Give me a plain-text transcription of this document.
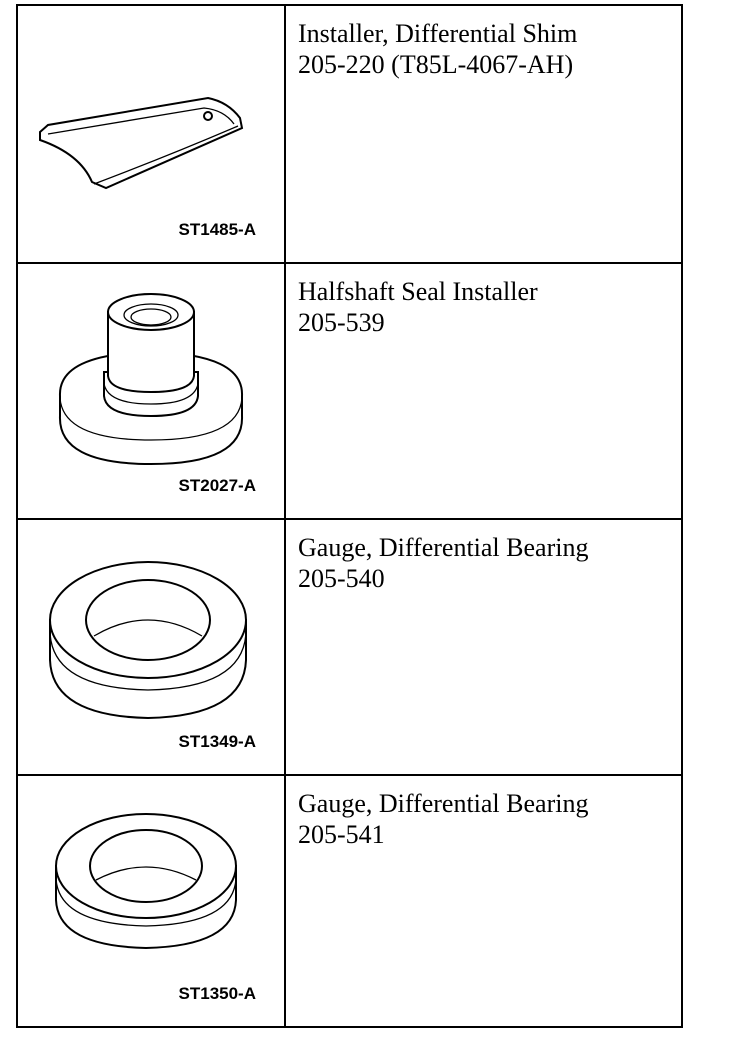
ST1485-A
Installer, Differential Shim
205-220 (T85L-4067-AH)
ST2027-A
Halfshaft Seal Installer
205-539
ST1349-A
Gauge, Differential Bearing
205-540
ST1350-A
Gauge, Differential Bearing
205-541
